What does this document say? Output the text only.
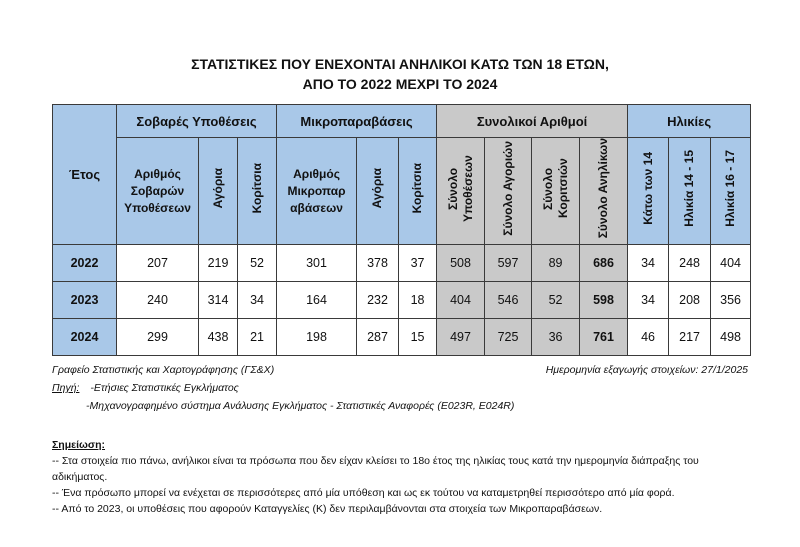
ΣΤΑΤΙΣΤΙΚΕΣ ΠΟΥ ΕΝΕΧΟΝΤΑΙ ΑΝΗΛΙΚΟΙ ΚΑΤΩ ΤΩΝ 18 ΕΤΩΝ,
ΑΠΟ ΤΟ 2022 ΜΕΧΡΙ ΤΟ 2024
Έτος	Σοβαρές Υποθέσεις			Μικροπαραβάσεις			Συνολικοί Αριθμοί				Ηλικίες		
	Αριθμός Σοβαρών Υποθέσεων	Αγόρια	Κορίτσια	Αριθμός Μικροπαρ αβάσεων	Αγόρια	Κορίτσια	Σύνολο Υποθέσεων	Σύνολο Αγοριών	Σύνολο Κοριτσιών	Σύνολο Ανηλίκων	Κάτω των 14	Ηλικία 14 - 15	Ηλικία 16 - 17
2022	207	219	52	301	378	37	508	597	89	686	34	248	404
2023	240	314	34	164	232	18	404	546	52	598	34	208	356
2024	299	438	21	198	287	15	497	725	36	761	46	217	498
Γραφείο Στατιστικής και Χαρτογράφησης (ΓΣ&Χ)	Ημερομηνία εξαγωγής στοιχείων: 27/1/2025
Πηγή: -Ετήσιες Στατιστικές Εγκλήματος
-Μηχανογραφημένο σύστημα Ανάλυσης Εγκλήματος - Στατιστικές Αναφορές (E023R, E024R)
Σημείωση:
-- Στα στοιχεία πιο πάνω, ανήλικοι είναι τα πρόσωπα που δεν είχαν κλείσει το 18ο έτος της ηλικίας τους κατά την ημερομηνία διάπραξης του αδικήματος.
-- Ένα πρόσωπο μπορεί να ενέχεται σε περισσότερες από μία υπόθεση και ως εκ τούτου να καταμετρηθεί περισσότερο από μία φορά.
-- Από το 2023, οι υποθέσεις που αφορούν Καταγγελίες (Κ) δεν περιλαμβάνονται στα στοιχεία των Μικροπαραβάσεων.
